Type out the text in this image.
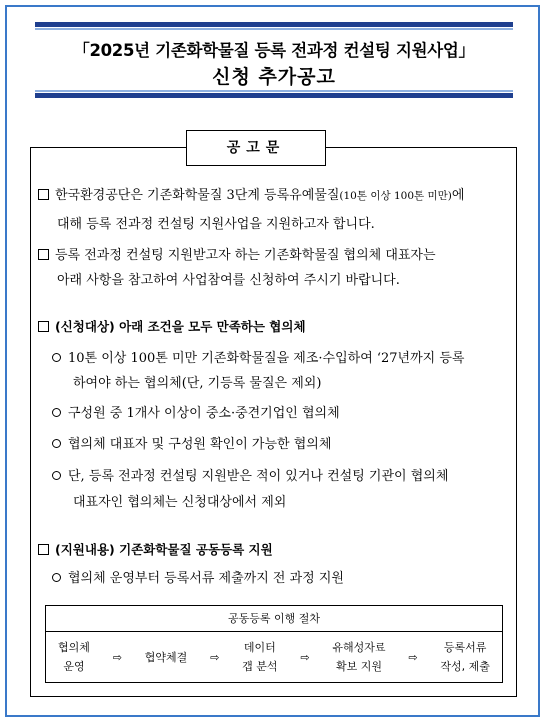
「2025년 기존화학물질 등록 전과정 컨설팅 지원사업」
신청 추가공고
공고문
한국환경공단은 기존화학물질 3단계 등록유예물질(10톤 이상 100톤 미만)에
대해 등록 전과정 컨설팅 지원사업을 지원하고자 합니다.
등록 전과정 컨설팅 지원받고자 하는 기존화학물질 협의체 대표자는
아래 사항을 참고하여 사업참여를 신청하여 주시기 바랍니다.
(신청대상) 아래 조건을 모두 만족하는 협의체
10톤 이상 100톤 미만 기존화학물질을 제조·수입하여 ‘27년까지 등록
하여야 하는 협의체(단, 기등록 물질은 제외)
구성원 중 1개사 이상이 중소·중견기업인 협의체
협의체 대표자 및 구성원 확인이 가능한 협의체
단, 등록 전과정 컨설팅 지원받은 적이 있거나 컨설팅 기관이 협의체
대표자인 협의체는 신청대상에서 제외
(지원내용) 기존화학물질 공동등록 지원
협의체 운영부터 등록서류 제출까지 전 과정 지원
공동등록 이행 절차
협의체
운영
⇨ 협약체결 ⇨
데이터
갭 분석
⇨
유해성자료
확보 지원
⇨
등록서류
작성, 제출
